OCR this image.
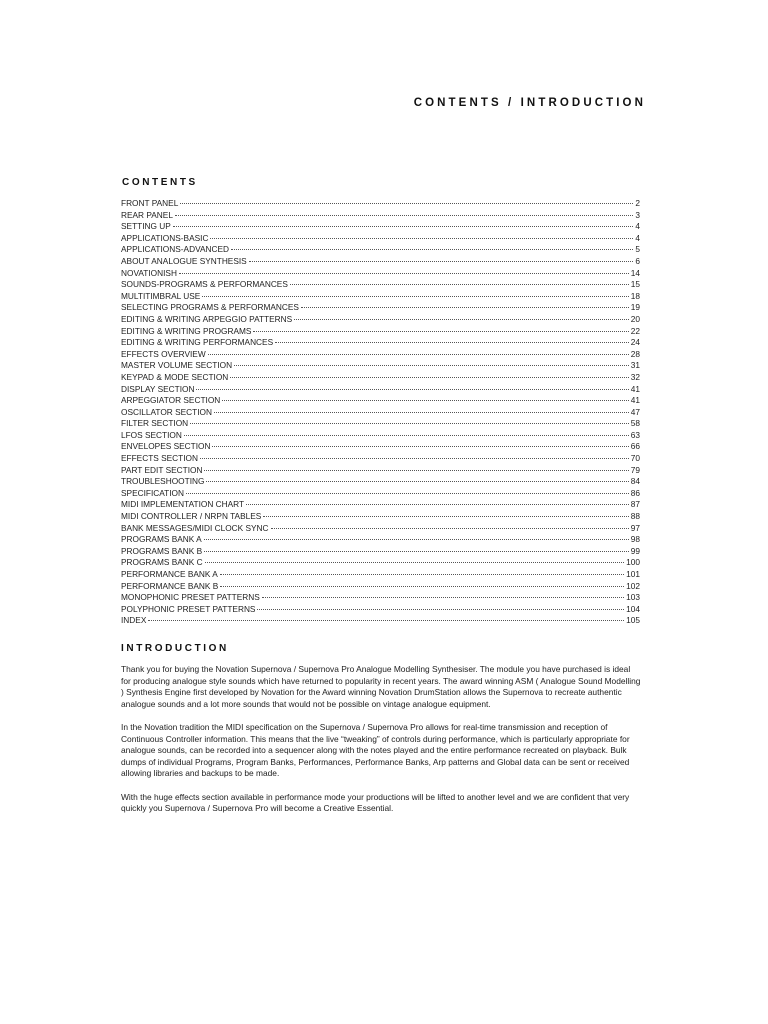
CONTENTS / INTRODUCTION
CONTENTS
FRONT PANEL	2
REAR PANEL	3
SETTING UP	4
APPLICATIONS-BASIC	4
APPLICATIONS-ADVANCED	5
ABOUT ANALOGUE SYNTHESIS	6
NOVATIONISH	14
SOUNDS-PROGRAMS & PERFORMANCES	15
MULTITIMBRAL USE	18
SELECTING PROGRAMS & PERFORMANCES	19
EDITING & WRITING ARPEGGIO PATTERNS	20
EDITING & WRITING PROGRAMS	22
EDITING & WRITING PERFORMANCES	24
EFFECTS OVERVIEW	28
MASTER VOLUME SECTION	31
KEYPAD & MODE SECTION	32
DISPLAY SECTION	41
ARPEGGIATOR SECTION	41
OSCILLATOR SECTION	47
FILTER SECTION	58
LFOS SECTION	63
ENVELOPES SECTION	66
EFFECTS SECTION	70
PART EDIT SECTION	79
TROUBLESHOOTING	84
SPECIFICATION	86
MIDI IMPLEMENTATION CHART	87
MIDI CONTROLLER / NRPN TABLES	88
BANK MESSAGES/MIDI CLOCK SYNC	97
PROGRAMS BANK A	98
PROGRAMS BANK B	99
PROGRAMS BANK C	100
PERFORMANCE BANK A	101
PERFORMANCE BANK B	102
MONOPHONIC PRESET PATTERNS	103
POLYPHONIC PRESET PATTERNS	104
INDEX	105
INTRODUCTION

Thank you for buying the Novation Supernova / Supernova Pro Analogue Modelling Synthesiser. The module you have purchased is ideal for producing analogue style sounds which have returned to popularity in recent years. The award winning ASM ( Analogue Sound Modelling ) Synthesis Engine first developed by Novation for the Award winning Novation DrumStation allows the Supernova to recreate authentic analogue sounds and a lot more sounds that would not be possible on vintage analogue equipment.

In the Novation tradition the MIDI specification on the Supernova / Supernova Pro allows for real-time transmission and reception of Continuous Controller information. This means that the live “tweaking” of controls during performance, which is particularly appropriate for analogue sounds, can be recorded into a sequencer along with the notes played and the entire performance recreated on playback. Bulk dumps of individual Programs, Program Banks, Performances, Performance Banks, Arp patterns and Global data can be sent or received allowing libraries and backups to be made.

With the huge effects section available in performance mode your productions will be lifted to another level and we are confident that very quickly you Supernova / Supernova Pro will become a Creative Essential.
